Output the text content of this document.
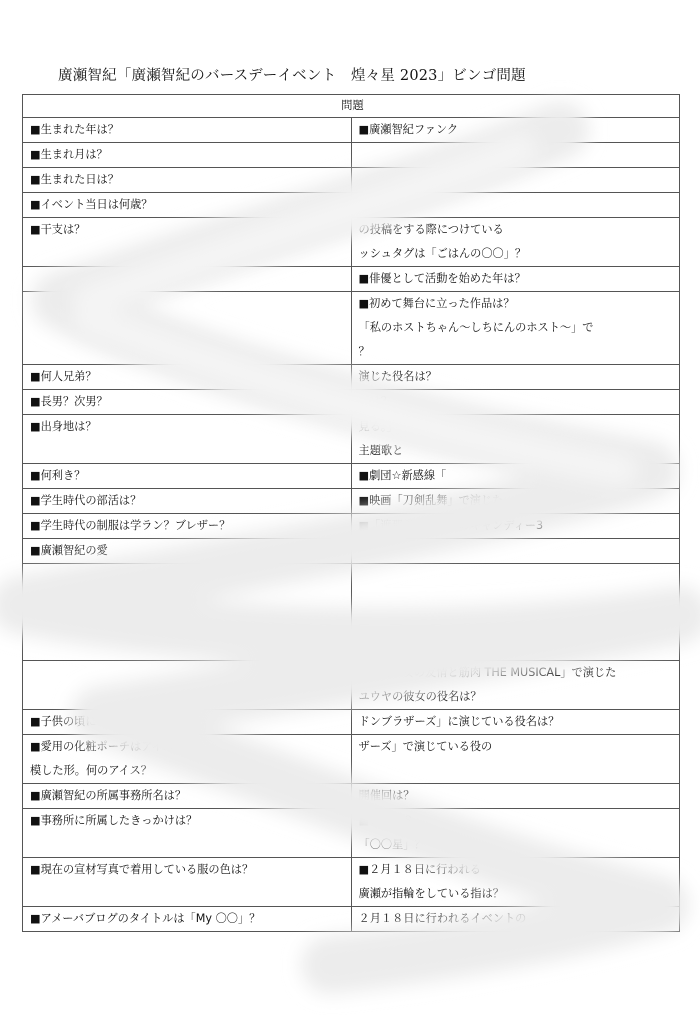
廣瀬智紀「廣瀬智紀のバースデーイベント　煌々星 2023」ビンゴ問題
問題	

■生まれた年は？	■廣瀬智紀ファンク

■生まれ月は？	

■生まれた日は？	

■イベント当日は何歳？	

■干支は？	の投稿をする際につけている
ッシュタグは「ごはんの〇〇」？

	■俳優として活動を始めた年は？

	■初めて舞台に立った作品は？
「私のホストちゃん〜しちにんのホスト〜」で
？

■何人兄弟？	演じた役名は？

■長男？次男？	名は？

■出身地は？	見る。」
主題歌と

■何利き？	■劇団☆新感線「

■学生時代の部活は？	■映画「刀剣乱舞」で演じた

■学生時代の制服は学ラン？ブレザー？	■「遮那王〜お江戸のキャンディー3

■廣瀬智紀の愛	

	会場名は？

	■舞台「女の友情と筋肉 THE MUSICAL」で演じた
ユウヤの彼女の役名は？

■子供の頃に	ドンブラザーズ」に演じている役名は？

■愛用の化粧ポーチはアイスも
模した形。何のアイス？	ザーズ」で演じている役の

■廣瀬智紀の所属事務所名は？	開催回は？

■事務所に所属したきっかけは？	■２月１８
「〇〇星」？

■現在の宣材写真で着用している服の色は？	■２月１８日に行われる
廣瀬が指輪をしている指は？

■アメーバブログのタイトルは「My 〇〇」？	２月１８日に行われるイベントの
